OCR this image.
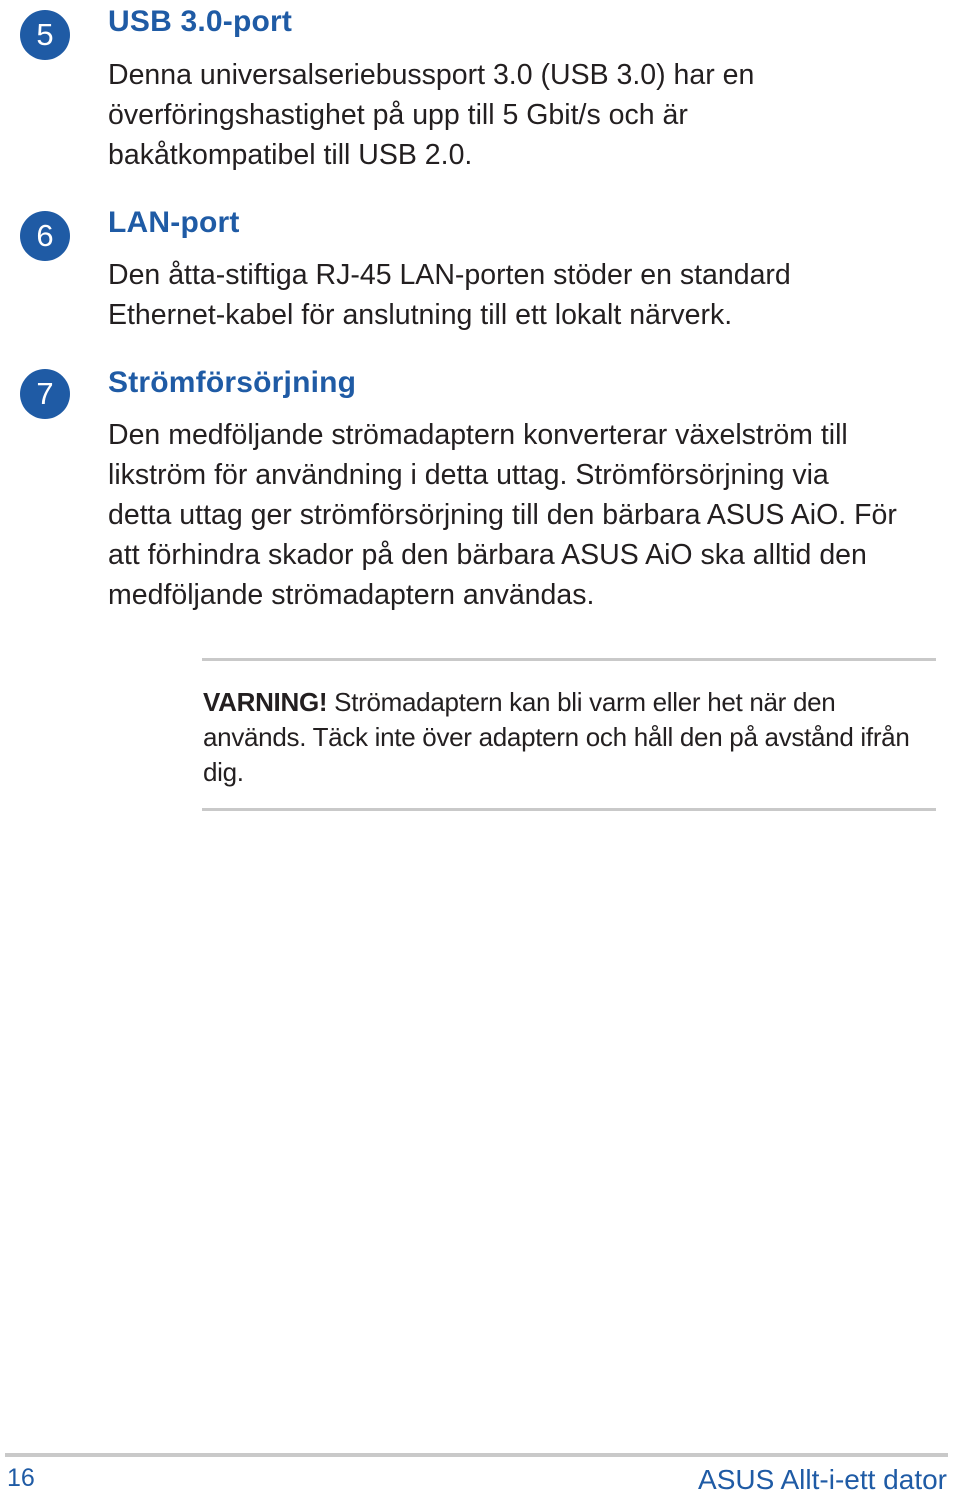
5	USB 3.0-port

Denna universalseriebussport 3.0 (USB 3.0) har en
överföringshastighet på upp till 5 Gbit/s och är
bakåtkompatibel till USB 2.0.

6	LAN-port

Den åtta-stiftiga RJ-45 LAN-porten stöder en standard
Ethernet-kabel för anslutning till ett lokalt närverk.

7	Strömförsörjning

Den medföljande strömadaptern konverterar växelström till
likström för användning i detta uttag. Strömförsörjning via
detta uttag ger strömförsörjning till den bärbara ASUS AiO. För
att förhindra skador på den bärbara ASUS AiO ska alltid den
medföljande strömadaptern användas.

VARNING! Strömadaptern kan bli varm eller het när den
används. Täck inte över adaptern och håll den på avstånd ifrån
dig.

16	ASUS Allt-i-ett dator
